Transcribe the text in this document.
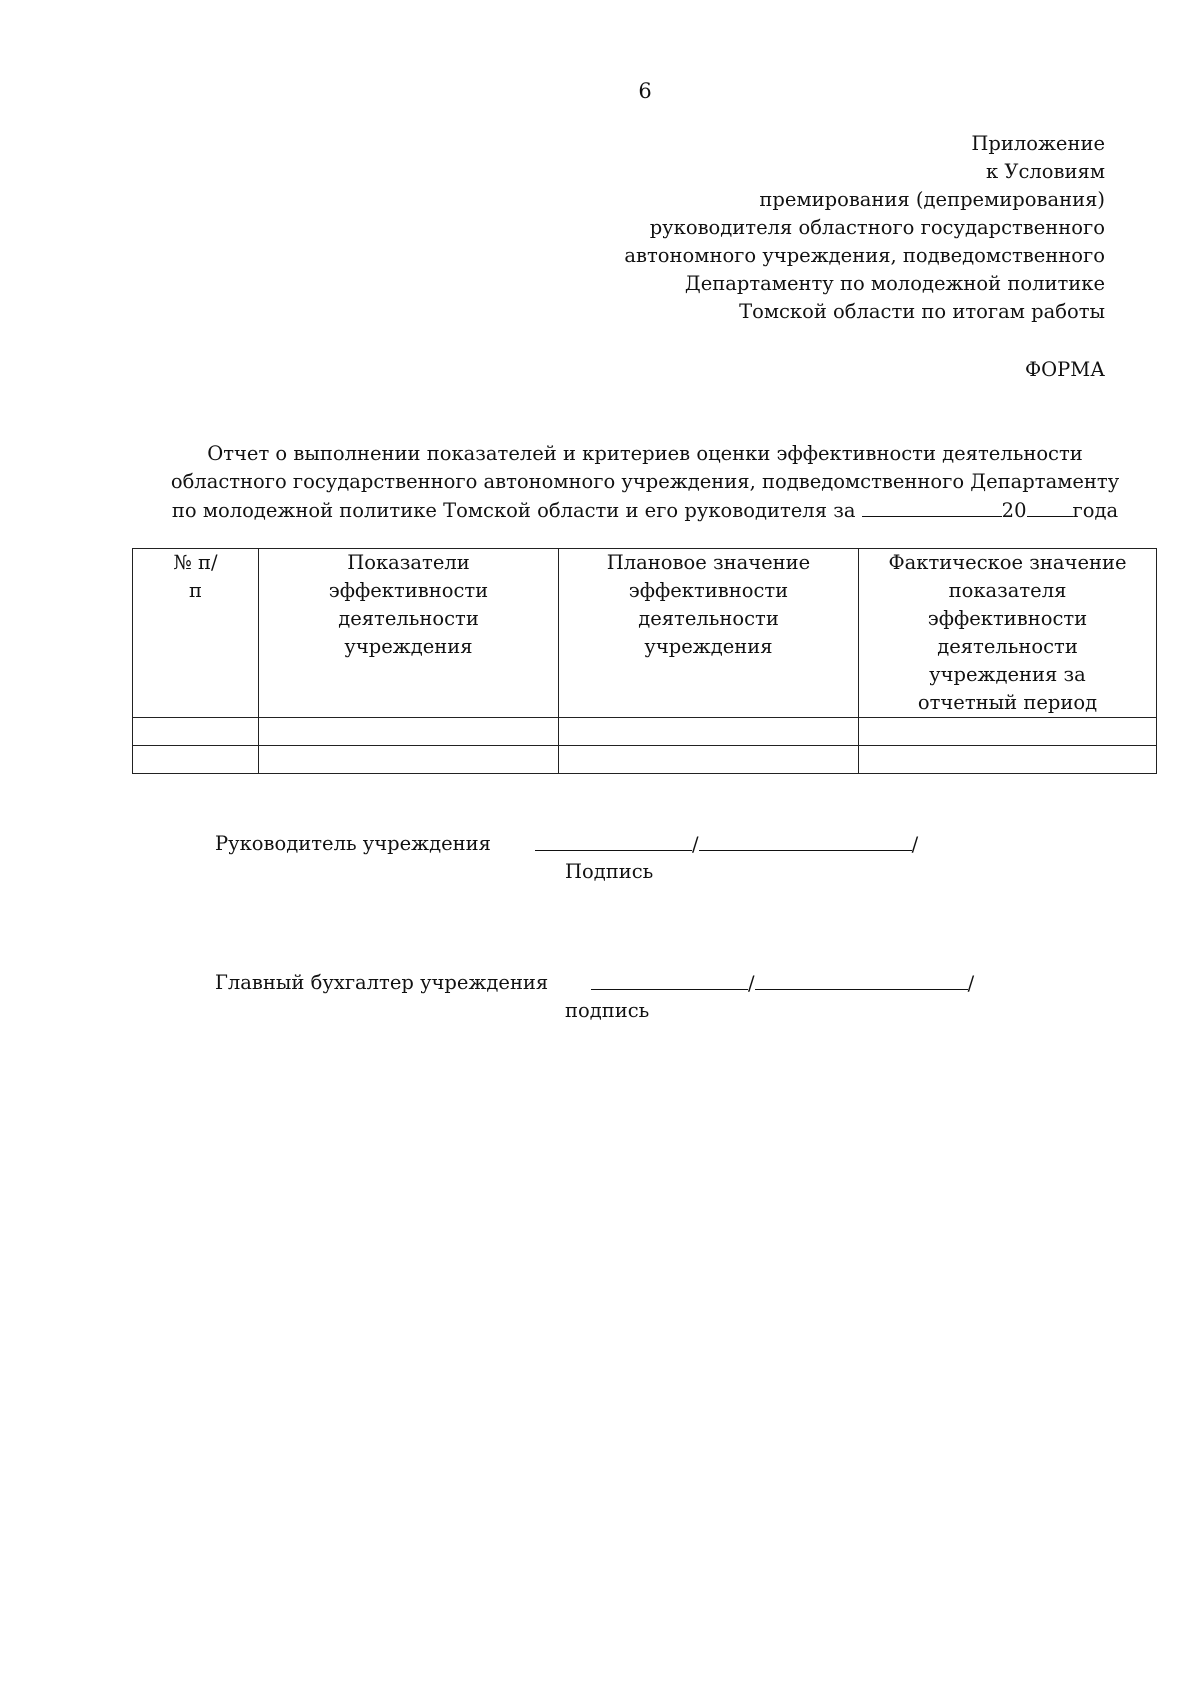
6
Приложение
к Условиям
премирования (депремирования)
руководителя областного государственного
автономного учреждения, подведомственного
Департаменту по молодежной политике
Томской области по итогам работы
ФОРМА
Отчет о выполнении показателей и критериев оценки эффективности деятельности
областного государственного автономного учреждения, подведомственного Департаменту
по молодежной политике Томской области и его руководителя за	20 года
№ п/п	Показатели эффективности деятельности учреждения	Плановое значение эффективности деятельности учреждения	Фактическое значение показателя эффективности деятельности учреждения за отчетный период

Руководитель учреждения	/	/
Подпись
Главный бухгалтер учреждения	/	/
подпись
